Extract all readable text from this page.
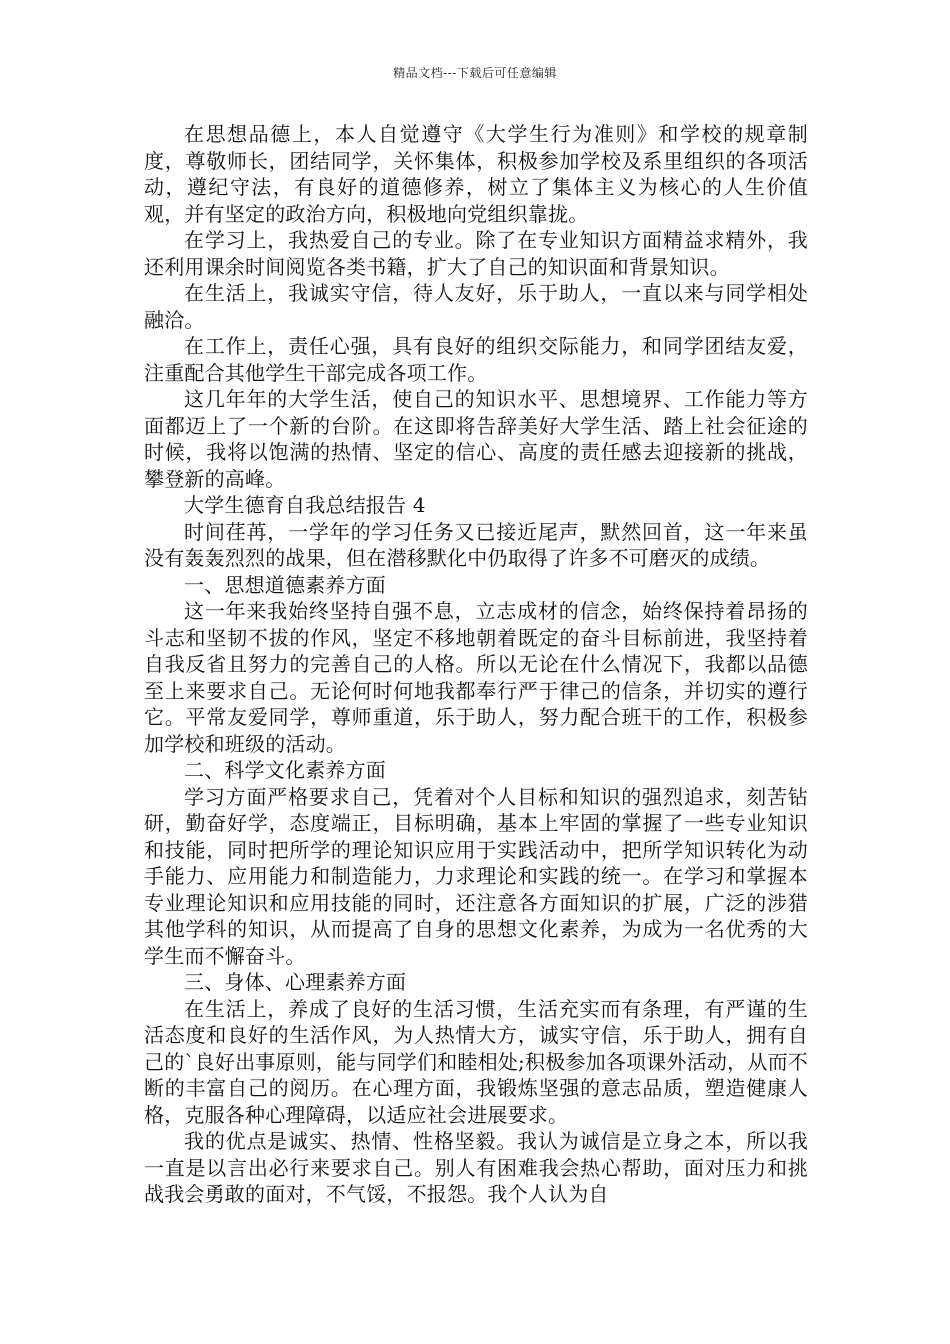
精品文档---下载后可任意编辑

在思想品德上，本人自觉遵守《大学生行为准则》和学校的规章制度，尊敬师长，团结同学，关怀集体，积极参加学校及系里组织的各项活动，遵纪守法，有良好的道德修养，树立了集体主义为核心的人生价值观，并有坚定的政治方向，积极地向党组织靠拢。

在学习上，我热爱自己的专业。除了在专业知识方面精益求精外，我还利用课余时间阅览各类书籍，扩大了自己的知识面和背景知识。

在生活上，我诚实守信，待人友好，乐于助人，一直以来与同学相处融洽。

在工作上，责任心强，具有良好的组织交际能力，和同学团结友爱，注重配合其他学生干部完成各项工作。

这几年年的大学生活，使自己的知识水平、思想境界、工作能力等方面都迈上了一个新的台阶。在这即将告辞美好大学生活、踏上社会征途的时候，我将以饱满的热情、坚定的信心、高度的责任感去迎接新的挑战，攀登新的高峰。

大学生德育自我总结报告 4

时间荏苒，一学年的学习任务又已接近尾声，默然回首，这一年来虽没有轰轰烈烈的战果，但在潜移默化中仍取得了许多不可磨灭的成绩。

一、思想道德素养方面

这一年来我始终坚持自强不息，立志成材的信念，始终保持着昂扬的斗志和坚韧不拔的作风，坚定不移地朝着既定的奋斗目标前进，我坚持着自我反省且努力的完善自己的人格。所以无论在什么情况下，我都以品德至上来要求自己。无论何时何地我都奉行严于律己的信条，并切实的遵行它。平常友爱同学，尊师重道，乐于助人，努力配合班干的工作，积极参加学校和班级的活动。

二、科学文化素养方面

学习方面严格要求自己，凭着对个人目标和知识的强烈追求，刻苦钻研，勤奋好学，态度端正，目标明确，基本上牢固的掌握了一些专业知识和技能，同时把所学的理论知识应用于实践活动中，把所学知识转化为动手能力、应用能力和制造能力，力求理论和实践的统一。在学习和掌握本专业理论知识和应用技能的同时，还注意各方面知识的扩展，广泛的涉猎其他学科的知识，从而提高了自身的思想文化素养，为成为一名优秀的大学生而不懈奋斗。

三、身体、心理素养方面

在生活上，养成了良好的生活习惯，生活充实而有条理，有严谨的生活态度和良好的生活作风，为人热情大方，诚实守信，乐于助人，拥有自己的`良好出事原则，能与同学们和睦相处;积极参加各项课外活动，从而不断的丰富自己的阅历。在心理方面，我锻炼坚强的意志品质，塑造健康人格，克服各种心理障碍，以适应社会进展要求。

我的优点是诚实、热情、性格坚毅。我认为诚信是立身之本，所以我一直是以言出必行来要求自己。别人有困难我会热心帮助，面对压力和挑战我会勇敢的面对，不气馁，不报怨。我个人认为自
